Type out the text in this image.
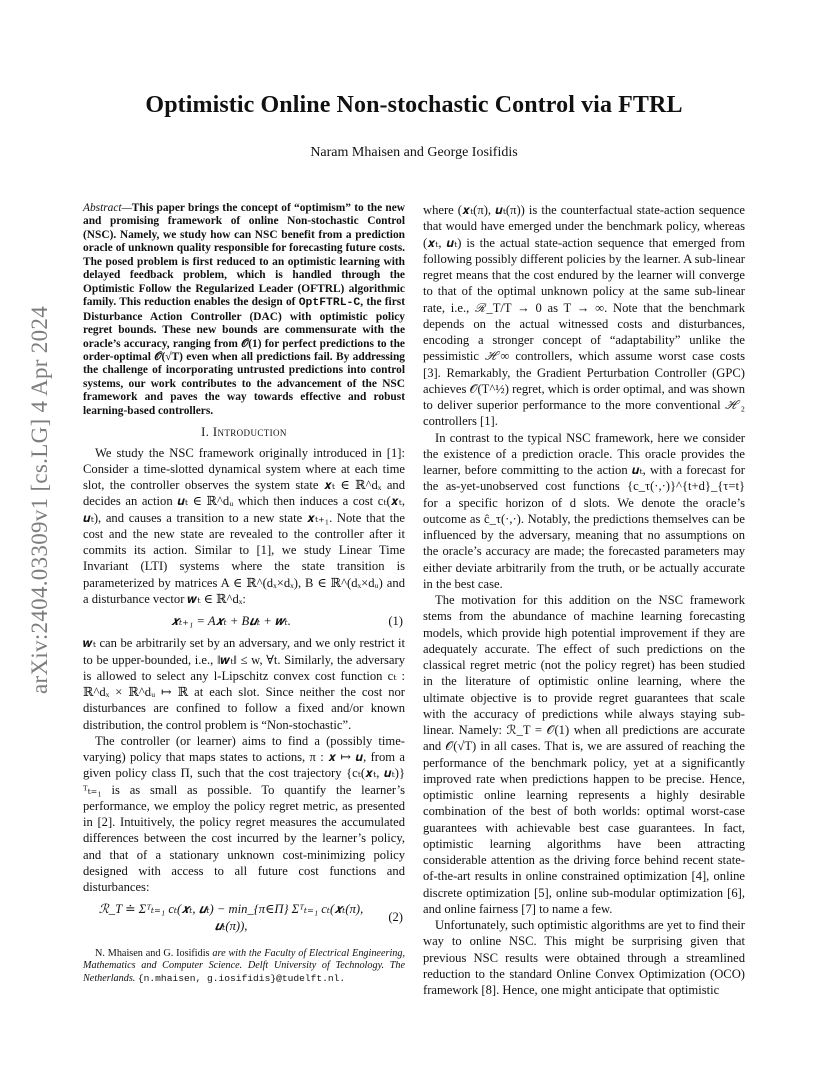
arXiv:2404.03309v1 [cs.LG] 4 Apr 2024
Optimistic Online Non-stochastic Control via FTRL
Naram Mhaisen and George Iosifidis

Abstract—This paper brings the concept of “optimism” to the new and promising framework of online Non-stochastic Control (NSC). Namely, we study how can NSC benefit from a prediction oracle of unknown quality responsible for forecasting future costs. The posed problem is first reduced to an optimistic learning with delayed feedback problem, which is handled through the Optimistic Follow the Regularized Leader (OFTRL) algorithmic family. This reduction enables the design of OptFTRL-C, the first Disturbance Action Controller (DAC) with optimistic policy regret bounds. These new bounds are commensurate with the oracle’s accuracy, ranging from 𝒪(1) for perfect predictions to the order-optimal 𝒪(√T) even when all predictions fail. By addressing the challenge of incorporating untrusted predictions into control systems, our work contributes to the advancement of the NSC framework and paves the way towards effective and robust learning-based controllers.

I. Introduction

We study the NSC framework originally introduced in [1]: Consider a time-slotted dynamical system where at each time slot, the controller observes the system state 𝒙ₜ ∈ ℝ^dₓ and decides an action 𝒖ₜ ∈ ℝ^dᵤ which then induces a cost cₜ(𝒙ₜ, 𝒖ₜ), and causes a transition to a new state 𝒙ₜ₊₁. Note that the cost and the new state are revealed to the controller after it commits its action. Similar to [1], we study Linear Time Invariant (LTI) systems where the state transition is parameterized by matrices A ∈ ℝ^(dₓ×dₓ), B ∈ ℝ^(dₓ×dᵤ) and a disturbance vector 𝒘ₜ ∈ ℝ^dₓ:

𝒙ₜ₊₁ = A𝒙ₜ + B𝒖ₜ + 𝒘ₜ.	(1)

𝒘ₜ can be arbitrarily set by an adversary, and we only restrict it to be upper-bounded, i.e., ‖𝒘ₜ‖ ≤ w, ∀t. Similarly, the adversary is allowed to select any l-Lipschitz convex cost function cₜ : ℝ^dₓ × ℝ^dᵤ ↦ ℝ at each slot. Since neither the cost nor disturbances are confined to follow a fixed and/or known distribution, the control problem is “Non-stochastic”.

The controller (or learner) aims to find a (possibly time-varying) policy that maps states to actions, π : 𝒙 ↦ 𝒖, from a given policy class Π, such that the cost trajectory {cₜ(𝒙ₜ, 𝒖ₜ)}ᵀₜ₌₁ is as small as possible. To quantify the learner’s performance, we employ the policy regret metric, as presented in [2]. Intuitively, the policy regret measures the accumulated differences between the cost incurred by the learner’s policy, and that of a stationary unknown cost-minimizing policy designed with access to all future cost functions and disturbances:

ℛ_T ≐ Σᵀₜ₌₁ cₜ(𝒙ₜ, 𝒖ₜ) − min_{π∈Π} Σᵀₜ₌₁ cₜ(𝒙ₜ(π), 𝒖ₜ(π)),
(2)
N. Mhaisen and G. Iosifidis are with the Faculty of Electrical Engineering, Mathematics and Computer Science. Delft University of Technology. The Netherlands. {n.mhaisen, g.iosifidis}@tudelft.nl.

where (𝒙ₜ(π), 𝒖ₜ(π)) is the counterfactual state-action sequence that would have emerged under the benchmark policy, whereas (𝒙ₜ, 𝒖ₜ) is the actual state-action sequence that emerged from following possibly different policies by the learner. A sub-linear regret means that the cost endured by the learner will converge to that of the optimal unknown policy at the same sub-linear rate, i.e., ℛ_T/T → 0 as T → ∞. Note that the benchmark depends on the actual witnessed costs and disturbances, encoding a stronger concept of “adaptability” unlike the pessimistic ℋ∞ controllers, which assume worst case costs [3]. Remarkably, the Gradient Perturbation Controller (GPC) achieves 𝒪(T^½) regret, which is order optimal, and was shown to deliver superior performance to the more conventional ℋ₂ controllers [1].

In contrast to the typical NSC framework, here we consider the existence of a prediction oracle. This oracle provides the learner, before committing to the action 𝒖ₜ, with a forecast for the as-yet-unobserved cost functions {c_τ(·,·)}^{t+d}_{τ=t} for a specific horizon of d slots. We denote the oracle’s outcome as ĉ_τ(·,·). Notably, the predictions themselves can be influenced by the adversary, meaning that no assumptions on the oracle’s accuracy are made; the forecasted parameters may either deviate arbitrarily from the truth, or be actually accurate in the best case.

The motivation for this addition on the NSC framework stems from the abundance of machine learning forecasting models, which provide high potential improvement if they are adequately accurate. The effect of such predictions on the classical regret metric (not the policy regret) has been studied in the literature of optimistic online learning, where the ultimate objective is to provide regret guarantees that scale with the accuracy of predictions while always staying sub-linear. Namely: ℛ_T = 𝒪(1) when all predictions are accurate and 𝒪(√T) in all cases. That is, we are assured of reaching the performance of the benchmark policy, yet at a significantly improved rate when predictions happen to be precise. Hence, optimistic online learning represents a highly desirable combination of the best of both worlds: optimal worst-case guarantees with achievable best case guarantees. In fact, optimistic learning algorithms have been attracting considerable attention as the driving force behind recent state-of-the-art results in online constrained optimization [4], online discrete optimization [5], online sub-modular optimization [6], and online fairness [7] to name a few.

Unfortunately, such optimistic algorithms are yet to find their way to online NSC. This might be surprising given that previous NSC results were obtained through a streamlined reduction to the standard Online Convex Optimization (OCO) framework [8]. Hence, one might anticipate that optimistic
